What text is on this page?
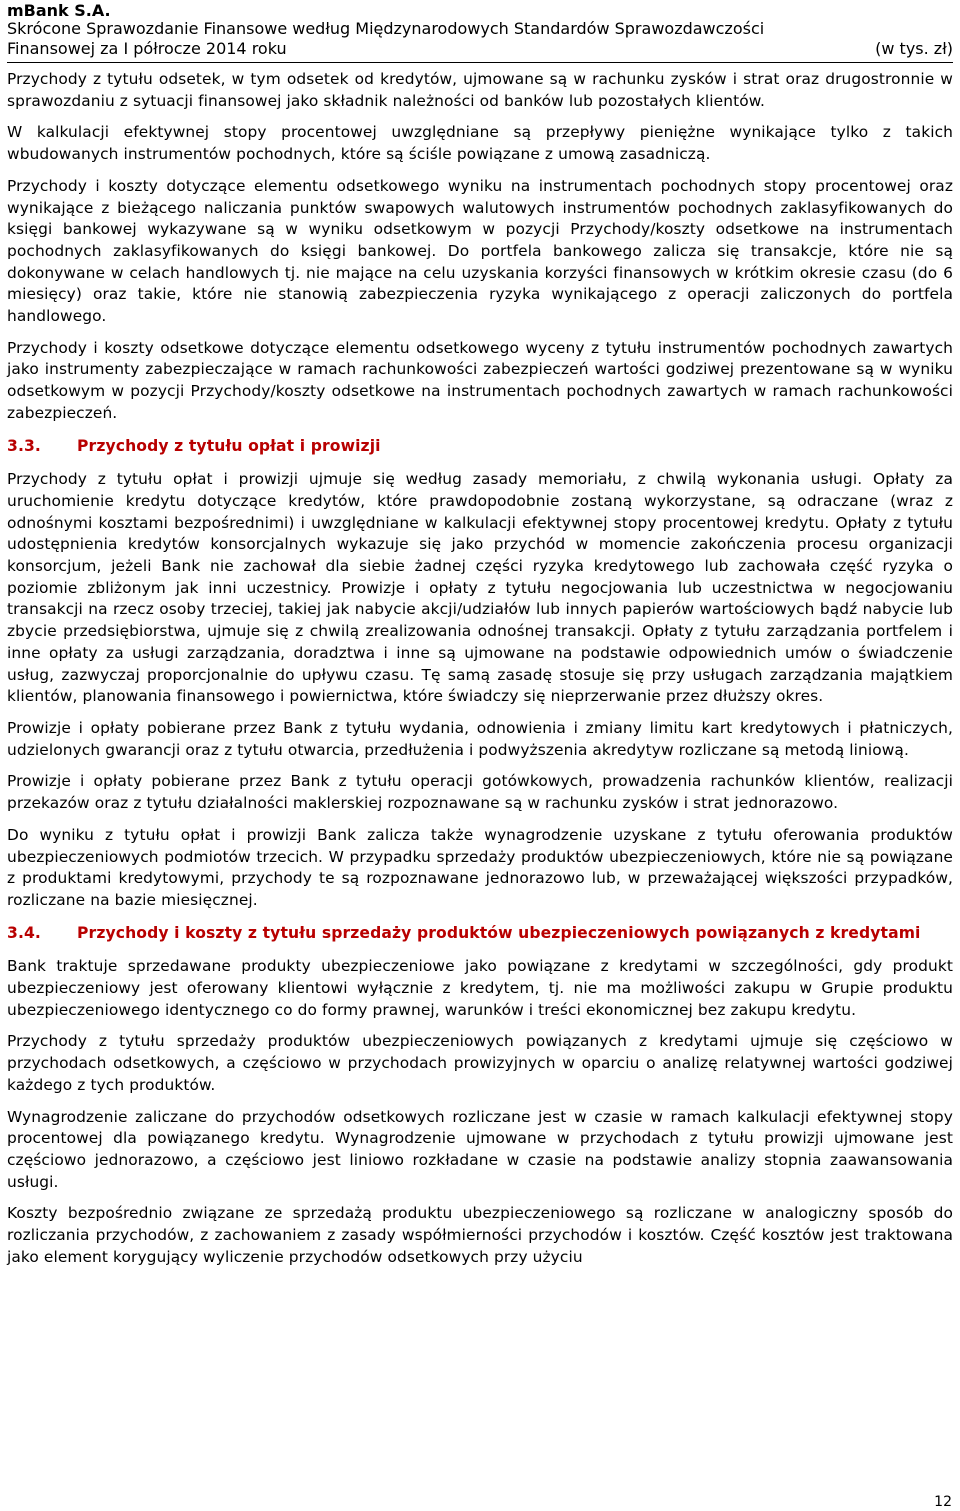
mBank S.A.
Skrócone Sprawozdanie Finansowe według Międzynarodowych Standardów Sprawozdawczości
Finansowej za I półrocze 2014 roku	(w tys. zł)

Przychody z tytułu odsetek, w tym odsetek od kredytów, ujmowane są w rachunku zysków i strat oraz drugostronnie w sprawozdaniu z sytuacji finansowej jako składnik należności od banków lub pozostałych klientów.

W kalkulacji efektywnej stopy procentowej uwzględniane są przepływy pieniężne wynikające tylko z takich wbudowanych instrumentów pochodnych, które są ściśle powiązane z umową zasadniczą.

Przychody i koszty dotyczące elementu odsetkowego wyniku na instrumentach pochodnych stopy procentowej oraz wynikające z bieżącego naliczania punktów swapowych walutowych instrumentów pochodnych zaklasyfikowanych do księgi bankowej wykazywane są w wyniku odsetkowym w pozycji Przychody/koszty odsetkowe na instrumentach pochodnych zaklasyfikowanych do księgi bankowej. Do portfela bankowego zalicza się transakcje, które nie są dokonywane w celach handlowych tj. nie mające na celu uzyskania korzyści finansowych w krótkim okresie czasu (do 6 miesięcy) oraz takie, które nie stanowią zabezpieczenia ryzyka wynikającego z operacji zaliczonych do portfela handlowego.

Przychody i koszty odsetkowe dotyczące elementu odsetkowego wyceny z tytułu instrumentów pochodnych zawartych jako instrumenty zabezpieczające w ramach rachunkowości zabezpieczeń wartości godziwej prezentowane są w wyniku odsetkowym w pozycji Przychody/koszty odsetkowe na instrumentach pochodnych zawartych w ramach rachunkowości zabezpieczeń.

3.3.	Przychody z tytułu opłat i prowizji

Przychody z tytułu opłat i prowizji ujmuje się według zasady memoriału, z chwilą wykonania usługi. Opłaty za uruchomienie kredytu dotyczące kredytów, które prawdopodobnie zostaną wykorzystane, są odraczane (wraz z odnośnymi kosztami bezpośrednimi) i uwzględniane w kalkulacji efektywnej stopy procentowej kredytu. Opłaty z tytułu udostępnienia kredytów konsorcjalnych wykazuje się jako przychód w momencie zakończenia procesu organizacji konsorcjum, jeżeli Bank nie zachował dla siebie żadnej części ryzyka kredytowego lub zachowała część ryzyka o poziomie zbliżonym jak inni uczestnicy. Prowizje i opłaty z tytułu negocjowania lub uczestnictwa w negocjowaniu transakcji na rzecz osoby trzeciej, takiej jak nabycie akcji/udziałów lub innych papierów wartościowych bądź nabycie lub zbycie przedsiębiorstwa, ujmuje się z chwilą zrealizowania odnośnej transakcji. Opłaty z tytułu zarządzania portfelem i inne opłaty za usługi zarządzania, doradztwa i inne są ujmowane na podstawie odpowiednich umów o świadczenie usług, zazwyczaj proporcjonalnie do upływu czasu. Tę samą zasadę stosuje się przy usługach zarządzania majątkiem klientów, planowania finansowego i powiernictwa, które świadczy się nieprzerwanie przez dłuższy okres.

Prowizje i opłaty pobierane przez Bank z tytułu wydania, odnowienia i zmiany limitu kart kredytowych i płatniczych, udzielonych gwarancji oraz z tytułu otwarcia, przedłużenia i podwyższenia akredytyw rozliczane są metodą liniową.

Prowizje i opłaty pobierane przez Bank z tytułu operacji gotówkowych, prowadzenia rachunków klientów, realizacji przekazów oraz z tytułu działalności maklerskiej rozpoznawane są w rachunku zysków i strat jednorazowo.

Do wyniku z tytułu opłat i prowizji Bank zalicza także wynagrodzenie uzyskane z tytułu oferowania produktów ubezpieczeniowych podmiotów trzecich. W przypadku sprzedaży produktów ubezpieczeniowych, które nie są powiązane z produktami kredytowymi, przychody te są rozpoznawane jednorazowo lub, w przeważającej większości przypadków, rozliczane na bazie miesięcznej.

3.4.	Przychody i koszty z tytułu sprzedaży produktów ubezpieczeniowych powiązanych z kredytami

Bank traktuje sprzedawane produkty ubezpieczeniowe jako powiązane z kredytami w szczególności, gdy produkt ubezpieczeniowy jest oferowany klientowi wyłącznie z kredytem, tj. nie ma możliwości zakupu w Grupie produktu ubezpieczeniowego identycznego co do formy prawnej, warunków i treści ekonomicznej bez zakupu kredytu.

Przychody z tytułu sprzedaży produktów ubezpieczeniowych powiązanych z kredytami ujmuje się częściowo w przychodach odsetkowych, a częściowo w przychodach prowizyjnych w oparciu o analizę relatywnej wartości godziwej każdego z tych produktów.

Wynagrodzenie zaliczane do przychodów odsetkowych rozliczane jest w czasie w ramach kalkulacji efektywnej stopy procentowej dla powiązanego kredytu. Wynagrodzenie ujmowane w przychodach z tytułu prowizji ujmowane jest częściowo jednorazowo, a częściowo jest liniowo rozkładane w czasie na podstawie analizy stopnia zaawansowania usługi.

Koszty bezpośrednio związane ze sprzedażą produktu ubezpieczeniowego są rozliczane w analogiczny sposób do rozliczania przychodów, z zachowaniem z zasady współmierności przychodów i kosztów. Część kosztów jest traktowana jako element korygujący wyliczenie przychodów odsetkowych przy użyciu

12
